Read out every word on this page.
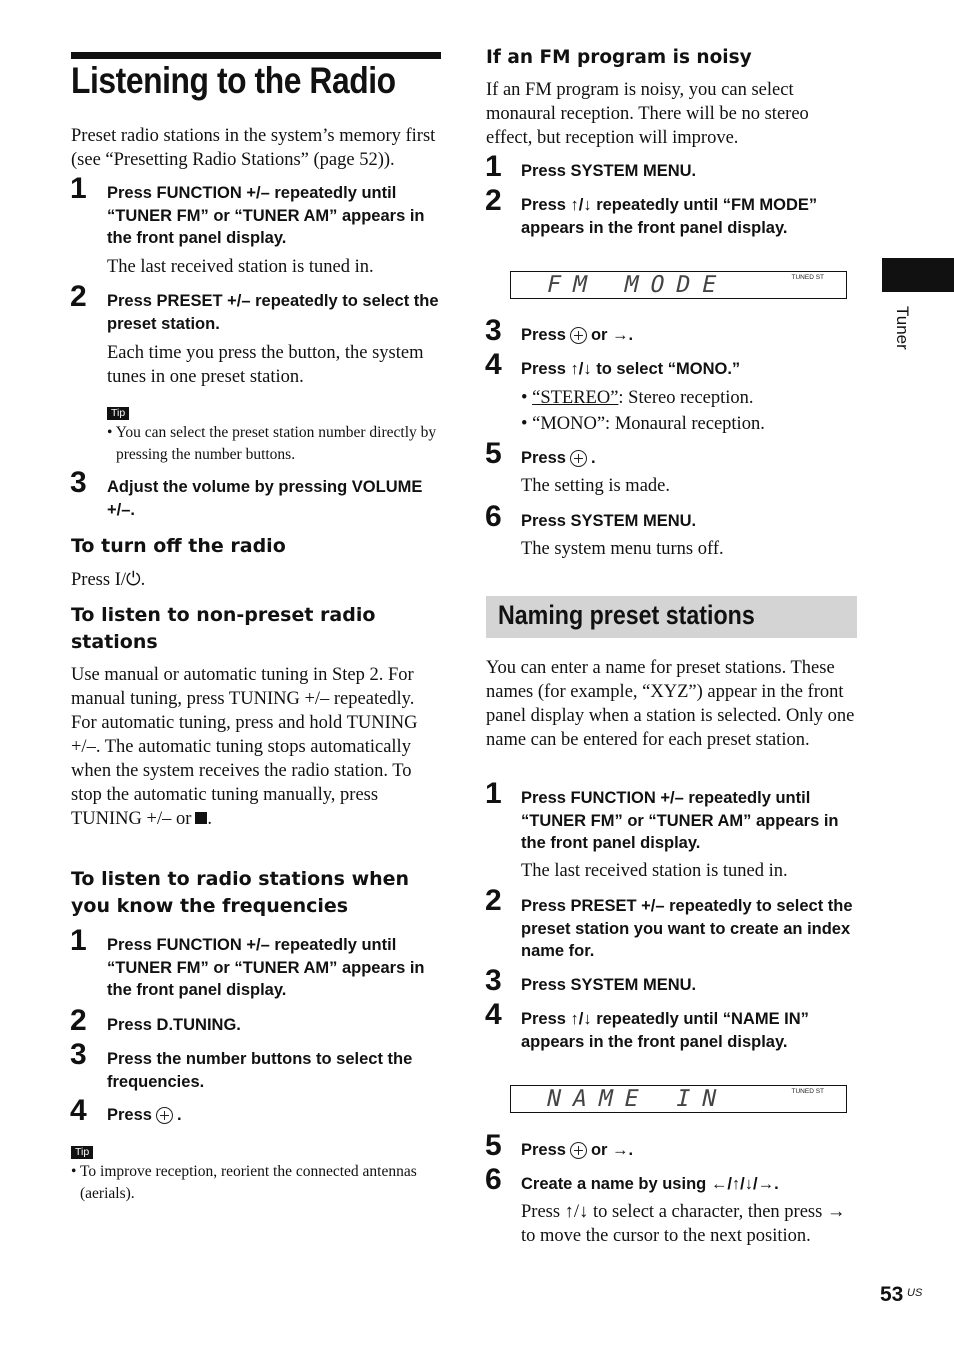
Listening to the Radio
Preset radio stations in the system’s memory first (see “Presetting Radio Stations” (page 52)).
1 Press FUNCTION +/– repeatedly until “TUNER FM” or “TUNER AM” appears in the front panel display.
The last received station is tuned in.
2 Press PRESET +/– repeatedly to select the preset station.
Each time you press the button, the system tunes in one preset station.
Tip
• You can select the preset station number directly by pressing the number buttons.
3 Adjust the volume by pressing VOLUME +/–.
To turn off the radio
Press I/⏻.
To listen to non-preset radio stations
Use manual or automatic tuning in Step 2. For manual tuning, press TUNING +/– repeatedly. For automatic tuning, press and hold TUNING +/–. The automatic tuning stops automatically when the system receives the radio station. To stop the automatic tuning manually, press TUNING +/– or .
To listen to radio stations when you know the frequencies
1 Press FUNCTION +/– repeatedly until “TUNER FM” or “TUNER AM” appears in the front panel display.
2 Press D.TUNING.
3 Press the number buttons to select the frequencies.
4 Press .
Tip
• To improve reception, reorient the connected antennas (aerials).
If an FM program is noisy
If an FM program is noisy, you can select monaural reception. There will be no stereo effect, but reception will improve.
1 Press SYSTEM MENU.
2 Press ↑/↓ repeatedly until “FM MODE” appears in the front panel display.
FM MODE	TUNED ST
3 Press or →.
4 Press ↑/↓ to select “MONO.”
• “STEREO”: Stereo reception.
• “MONO”: Monaural reception.
5 Press .
The setting is made.
6 Press SYSTEM MENU.
The system menu turns off.
Naming preset stations
You can enter a name for preset stations. These names (for example, “XYZ”) appear in the front panel display when a station is selected. Only one name can be entered for each preset station.
1 Press FUNCTION +/– repeatedly until “TUNER FM” or “TUNER AM” appears in the front panel display.
The last received station is tuned in.
2 Press PRESET +/– repeatedly to select the preset station you want to create an index name for.
3 Press SYSTEM MENU.
4 Press ↑/↓ repeatedly until “NAME IN” appears in the front panel display.
NAME IN	TUNED ST
5 Press or →.
6 Create a name by using ←/↑/↓/→.
Press ↑/↓ to select a character, then press → to move the cursor to the next position.
Tuner
53 US
